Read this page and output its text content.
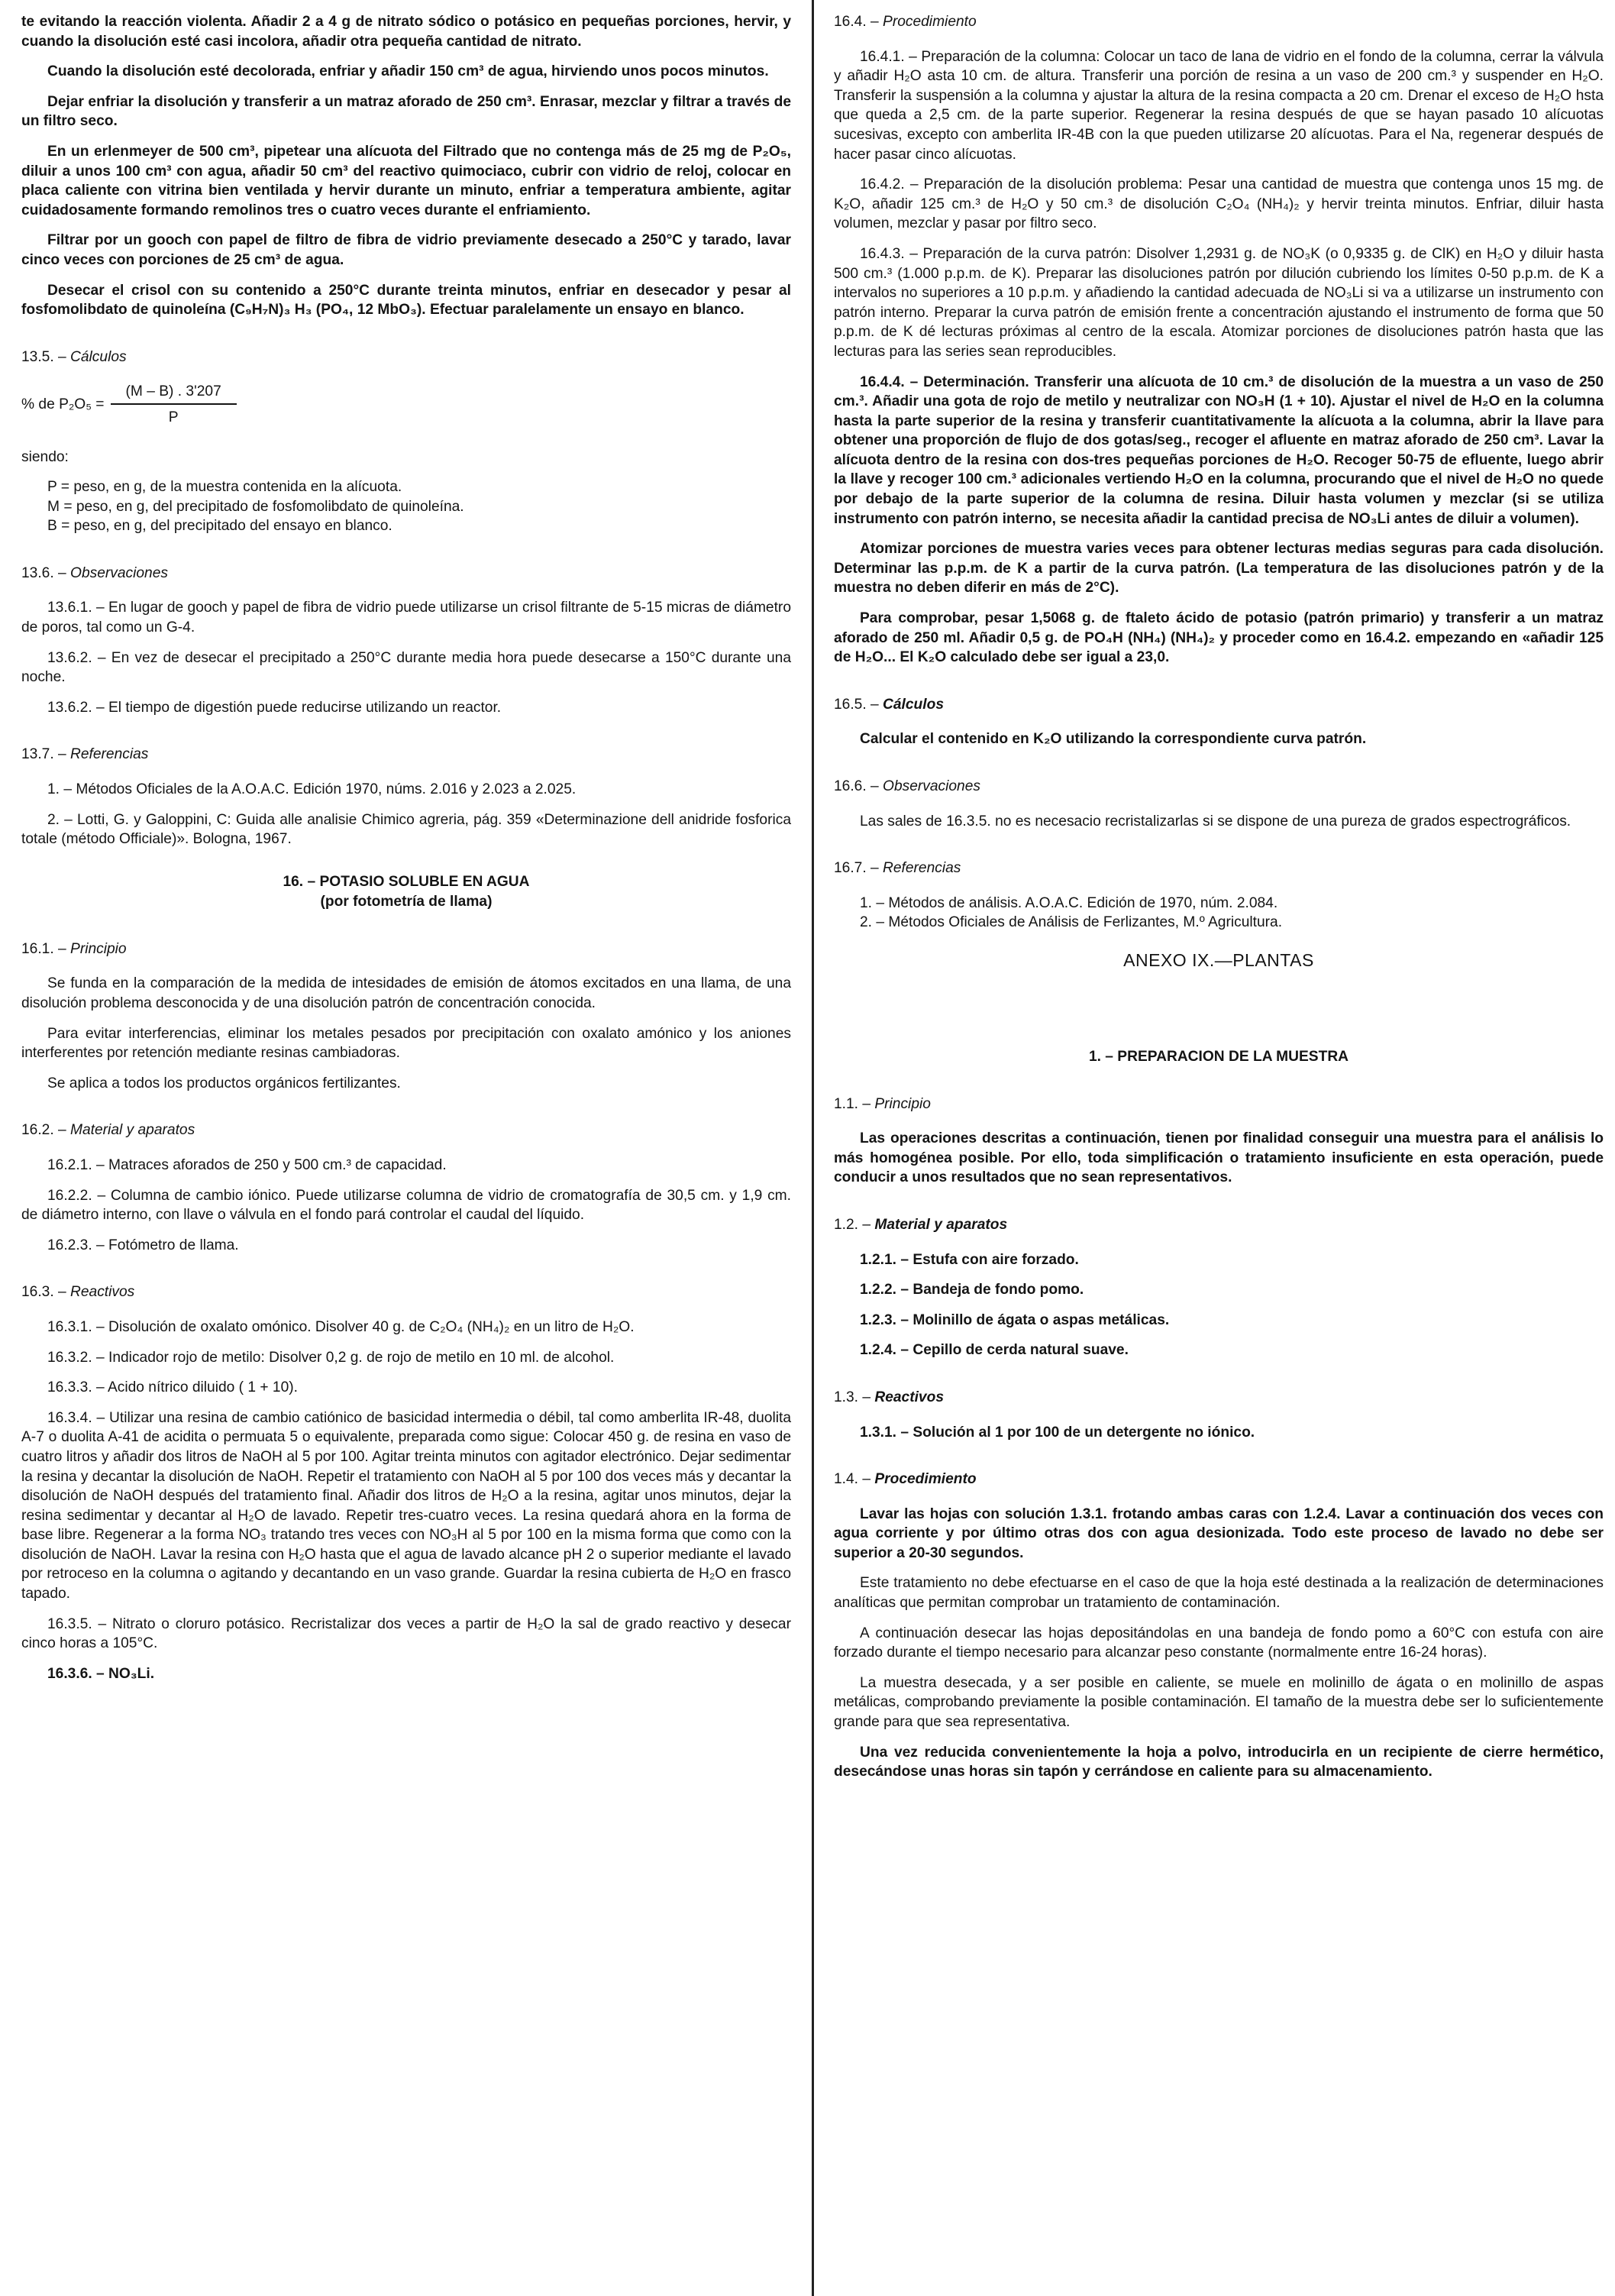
te evitando la reacción violenta. Añadir 2 a 4 g de nitrato sódico o potásico en pequeñas porciones, hervir, y cuando la disolución esté casi incolora, añadir otra pequeña cantidad de nitrato.

Cuando la disolución esté decolorada, enfriar y añadir 150 cm³ de agua, hirviendo unos pocos minutos.

Dejar enfriar la disolución y transferir a un matraz aforado de 250 cm³. Enrasar, mezclar y filtrar a través de un filtro seco.

En un erlenmeyer de 500 cm³, pipetear una alícuota del Filtrado que no contenga más de 25 mg de P₂O₅, diluir a unos 100 cm³ con agua, añadir 50 cm³ del reactivo quimociaco, cubrir con vidrio de reloj, colocar en placa caliente con vitrina bien ventilada y hervir durante un minuto, enfriar a temperatura ambiente, agitar cuidadosamente formando remolinos tres o cuatro veces durante el enfriamiento.

Filtrar por un gooch con papel de filtro de fibra de vidrio previamente desecado a 250°C y tarado, lavar cinco veces con porciones de 25 cm³ de agua.

Desecar el crisol con su contenido a 250°C durante treinta minutos, enfriar en desecador y pesar al fosfomolibdato de quinoleína (C₉H₇N)₃ H₃ (PO₄, 12 MbO₃). Efectuar paralelamente un ensayo en blanco.

13.5. – Cálculos
% de $P_2O_5 = \frac{(M - B) . 3'207}{P}$

siendo:

P = peso, en g, de la muestra contenida en la alícuota.
M = peso, en g, del precipitado de fosfomolibdato de quinoleína.
B = peso, en g, del precipitado del ensayo en blanco.
13.6. – Observaciones

13.6.1. – En lugar de gooch y papel de fibra de vidrio puede utilizarse un crisol filtrante de 5-15 micras de diámetro de poros, tal como un G-4.

13.6.2. – En vez de desecar el precipitado a 250°C durante media hora puede desecarse a 150°C durante una noche.

13.6.2. – El tiempo de digestión puede reducirse utilizando un reactor.

13.7. – Referencias

1. – Métodos Oficiales de la A.O.A.C. Edición 1970, núms. 2.016 y 2.023 a 2.025.

2. – Lotti, G. y Galoppini, C: Guida alle analisie Chimico agreria, pág. 359 «Determinazione dell anidride fosforica totale (método Officiale)». Bologna, 1967.

16. – POTASIO SOLUBLE EN AGUA
(por fotometría de llama)
16.1. – Principio

Se funda en la comparación de la medida de intesidades de emisión de átomos excitados en una llama, de una disolución problema desconocida y de una disolución patrón de concentración conocida.

Para evitar interferencias, eliminar los metales pesados por precipitación con oxalato amónico y los aniones interferentes por retención mediante resinas cambiadoras.

Se aplica a todos los productos orgánicos fertilizantes.

16.2. – Material y aparatos

16.2.1. – Matraces aforados de 250 y 500 cm.³ de capacidad.

16.2.2. – Columna de cambio iónico. Puede utilizarse columna de vidrio de cromatografía de 30,5 cm. y 1,9 cm. de diámetro interno, con llave o válvula en el fondo pará controlar el caudal del líquido.

16.2.3. – Fotómetro de llama.

16.3. – Reactivos

16.3.1. – Disolución de oxalato omónico. Disolver 40 g. de C₂O₄ (NH₄)₂ en un litro de H₂O.

16.3.2. – Indicador rojo de metilo: Disolver 0,2 g. de rojo de metilo en 10 ml. de alcohol.

16.3.3. – Acido nítrico diluido ( 1 + 10).

16.3.4. – Utilizar una resina de cambio catiónico de basicidad intermedia o débil, tal como amberlita IR-48, duolita A-7 o duolita A-41 de acidita o permuata 5 o equivalente, preparada como sigue: Colocar 450 g. de resina en vaso de cuatro litros y añadir dos litros de NaOH al 5 por 100. Agitar treinta minutos con agitador electrónico. Dejar sedimentar la resina y decantar la disolución de NaOH. Repetir el tratamiento con NaOH al 5 por 100 dos veces más y decantar la disolución de NaOH después del tratamiento final. Añadir dos litros de H₂O a la resina, agitar unos minutos, dejar la resina sedimentar y decantar al H₂O de lavado. Repetir tres-cuatro veces. La resina quedará ahora en la forma de base libre. Regenerar a la forma NO₃ tratando tres veces con NO₃H al 5 por 100 en la misma forma que como con la disolución de NaOH. Lavar la resina con H₂O hasta que el agua de lavado alcance pH 2 o superior mediante el lavado por retroceso en la columna o agitando y decantando en un vaso grande. Guardar la resina cubierta de H₂O en frasco tapado.

16.3.5. – Nitrato o cloruro potásico. Recristalizar dos veces a partir de H₂O la sal de grado reactivo y desecar cinco horas a 105°C.

16.3.6. – NO₃Li.

16.4. – Procedimiento

16.4.1. – Preparación de la columna: Colocar un taco de lana de vidrio en el fondo de la columna, cerrar la válvula y añadir H₂O asta 10 cm. de altura. Transferir una porción de resina a un vaso de 200 cm.³ y suspender en H₂O. Transferir la suspensión a la columna y ajustar la altura de la resina compacta a 20 cm. Drenar el exceso de H₂O hsta que queda a 2,5 cm. de la parte superior. Regenerar la resina después de que se hayan pasado 10 alícuotas sucesivas, excepto con amberlita IR-4B con la que pueden utilizarse 20 alícuotas. Para el Na, regenerar después de hacer pasar cinco alícuotas.

16.4.2. – Preparación de la disolución problema: Pesar una cantidad de muestra que contenga unos 15 mg. de K₂O, añadir 125 cm.³ de H₂O y 50 cm.³ de disolución C₂O₄ (NH₄)₂ y hervir treinta minutos. Enfriar, diluir hasta volumen, mezclar y pasar por filtro seco.

16.4.3. – Preparación de la curva patrón: Disolver 1,2931 g. de NO₃K (o 0,9335 g. de ClK) en H₂O y diluir hasta 500 cm.³ (1.000 p.p.m. de K). Preparar las disoluciones patrón por dilución cubriendo los límites 0-50 p.p.m. de K a intervalos no superiores a 10 p.p.m. y añadiendo la cantidad adecuada de NO₃Li si va a utilizarse un instrumento con patrón interno. Preparar la curva patrón de emisión frente a concentración ajustando el instrumento de forma que 50 p.p.m. de K dé lecturas próximas al centro de la escala. Atomizar porciones de disoluciones patrón hasta que las lecturas para las series sean reproducibles.

16.4.4. – Determinación. Transferir una alícuota de 10 cm.³ de disolución de la muestra a un vaso de 250 cm.³. Añadir una gota de rojo de metilo y neutralizar con NO₃H (1 + 10). Ajustar el nivel de H₂O en la columna hasta la parte superior de la resina y transferir cuantitativamente la alícuota a la columna, abrir la llave para obtener una proporción de flujo de dos gotas/seg., recoger el afluente en matraz aforado de 250 cm³. Lavar la alícuota dentro de la resina con dos-tres pequeñas porciones de H₂O. Recoger 50-75 de efluente, luego abrir la llave y recoger 100 cm.³ adicionales vertiendo H₂O en la columna, procurando que el nivel de H₂O no quede por debajo de la parte superior de la columna de resina. Diluir hasta volumen y mezclar (si se utiliza instrumento con patrón interno, se necesita añadir la cantidad precisa de NO₃Li antes de diluir a volumen).

Atomizar porciones de muestra varies veces para obtener lecturas medias seguras para cada disolución. Determinar las p.p.m. de K a partir de la curva patrón. (La temperatura de las disoluciones patrón y de la muestra no deben diferir en más de 2°C).

Para comprobar, pesar 1,5068 g. de ftaleto ácido de potasio (patrón primario) y transferir a un matraz aforado de 250 ml. Añadir 0,5 g. de PO₄H (NH₄) (NH₄)₂ y proceder como en 16.4.2. empezando en «añadir 125 de H₂O... El K₂O calculado debe ser igual a 23,0.

16.5. – Cálculos

Calcular el contenido en K₂O utilizando la correspondiente curva patrón.

16.6. – Observaciones

Las sales de 16.3.5. no es necesacio recristalizarlas si se dispone de una pureza de grados espectrográficos.

16.7. – Referencias
1. – Métodos de análisis. A.O.A.C. Edición de 1970, núm. 2.084.
2. – Métodos Oficiales de Análisis de Ferlizantes, M.º Agricultura.
ANEXO IX.—PLANTAS
1. – PREPARACION DE LA MUESTRA
1.1. – Principio

Las operaciones descritas a continuación, tienen por finalidad conseguir una muestra para el análisis lo más homogénea posible. Por ello, toda simplificación o tratamiento insuficiente en esta operación, puede conducir a unos resultados que no sean representativos.

1.2. – Material y aparatos
1.2.1. – Estufa con aire forzado.
1.2.2. – Bandeja de fondo pomo.
1.2.3. – Molinillo de ágata o aspas metálicas.
1.2.4. – Cepillo de cerda natural suave.
1.3. – Reactivos
1.3.1. – Solución al 1 por 100 de un detergente no iónico.
1.4. – Procedimiento

Lavar las hojas con solución 1.3.1. frotando ambas caras con 1.2.4. Lavar a continuación dos veces con agua corriente y por último otras dos con agua desionizada. Todo este proceso de lavado no debe ser superior a 20-30 segundos.

Este tratamiento no debe efectuarse en el caso de que la hoja esté destinada a la realización de determinaciones analíticas que permitan comprobar un tratamiento de contaminación.

A continuación desecar las hojas depositándolas en una bandeja de fondo pomo a 60°C con estufa con aire forzado durante el tiempo necesario para alcanzar peso constante (normalmente entre 16-24 horas).

La muestra desecada, y a ser posible en caliente, se muele en molinillo de ágata o en molinillo de aspas metálicas, comprobando previamente la posible contaminación. El tamaño de la muestra debe ser lo suficientemente grande para que sea representativa.

Una vez reducida convenientemente la hoja a polvo, introducirla en un recipiente de cierre hermético, desecándose unas horas sin tapón y cerrándose en caliente para su almacenamiento.
